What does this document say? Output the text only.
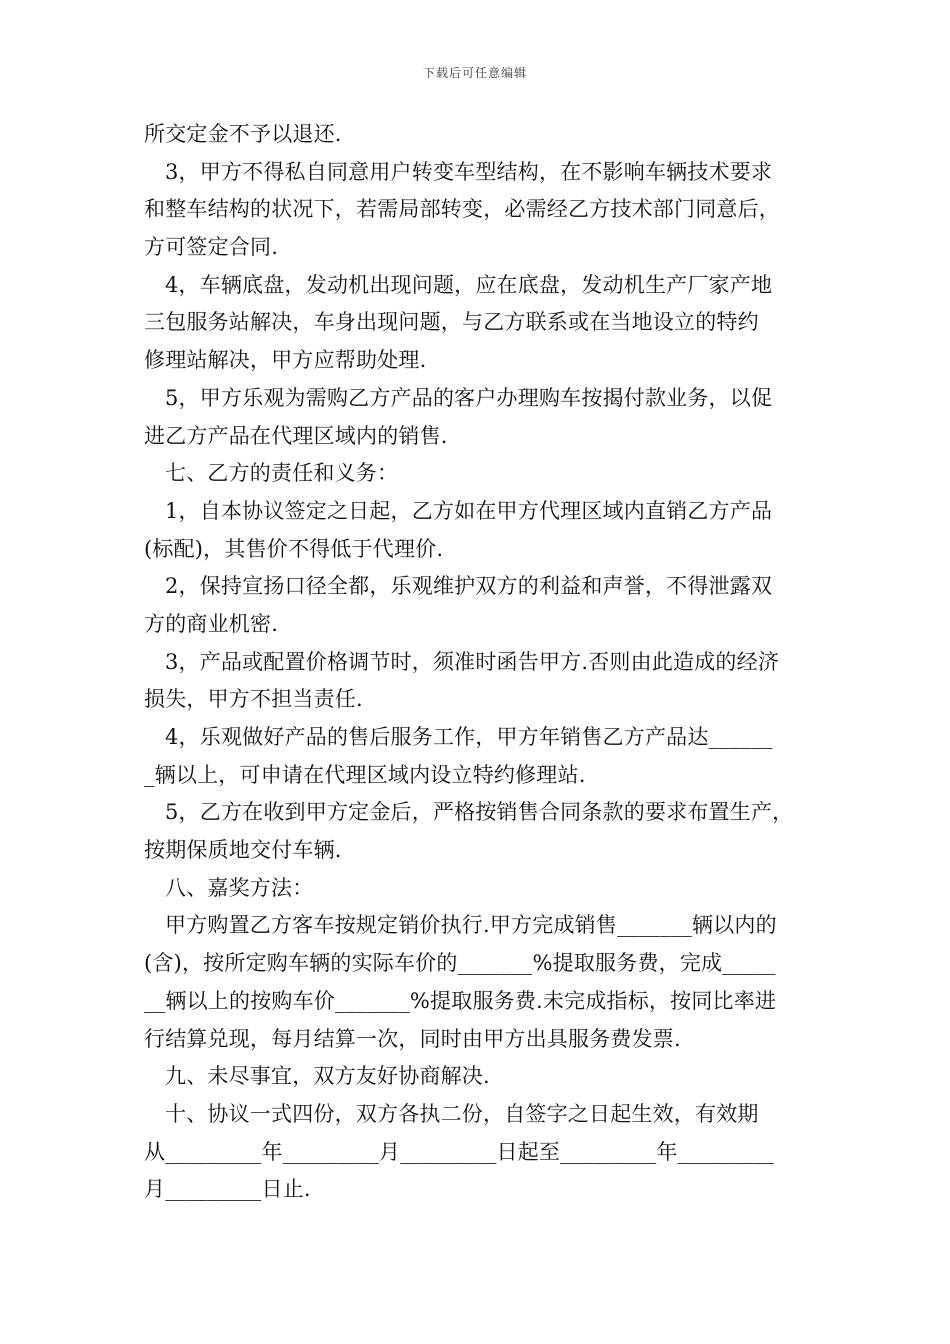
下载后可任意编辑
所交定金不予以退还.
3，甲方不得私自同意用户转变车型结构，在不影响车辆技术要求
和整车结构的状况下，若需局部转变，必需经乙方技术部门同意后，
方可签定合同.
4，车辆底盘，发动机出现问题，应在底盘，发动机生产厂家产地
三包服务站解决，车身出现问题，与乙方联系或在当地设立的特约
修理站解决，甲方应帮助处理.
5，甲方乐观为需购乙方产品的客户办理购车按揭付款业务，以促
进乙方产品在代理区域内的销售.
七、乙方的责任和义务：
1，自本协议签定之日起，乙方如在甲方代理区域内直销乙方产品
(标配)，其售价不得低于代理价.
2，保持宣扬口径全都，乐观维护双方的利益和声誉，不得泄露双
方的商业机密.
3，产品或配置价格调节时，须准时函告甲方.否则由此造成的经济
损失，甲方不担当责任.
4，乐观做好产品的售后服务工作，甲方年销售乙方产品达______
_辆以上，可申请在代理区域内设立特约修理站.
5，乙方在收到甲方定金后，严格按销售合同条款的要求布置生产，
按期保质地交付车辆.
八、嘉奖方法：
甲方购置乙方客车按规定销价执行.甲方完成销售_______辆以内的
(含)，按所定购车辆的实际车价的_______%提取服务费，完成_____
__辆以上的按购车价_______%提取服务费.未完成指标，按同比率进
行结算兑现，每月结算一次，同时由甲方出具服务费发票.
九、未尽事宜，双方友好协商解决.
十、协议一式四份，双方各执二份，自签字之日起生效，有效期
从_________年_________月_________日起至_________年_________
月_________日止.
